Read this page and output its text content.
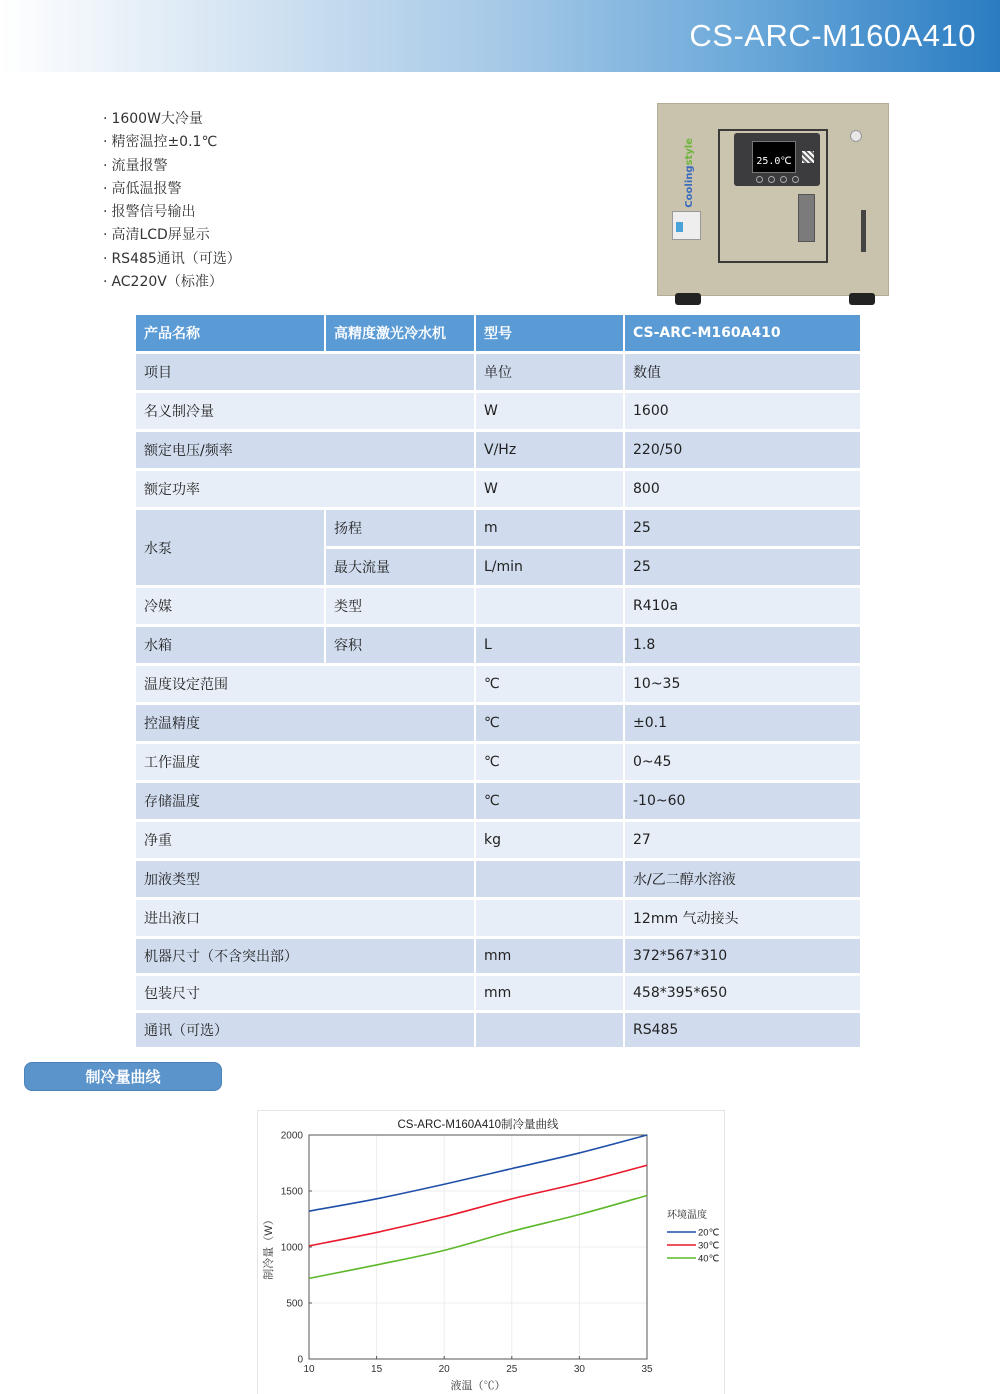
CS-ARC-M160A410
· 1600W大冷量
· 精密温控±0.1℃
· 流量报警
· 高低温报警
· 报警信号输出
· 高清LCD屏显示
· RS485通讯（可选）
· AC220V（标准）
Coolingstyle	25.0℃
产品名称	高精度激光冷水机	型号	CS-ARC-M160A410
项目		单位	数值
名义制冷量		W	1600
额定电压/频率		V/Hz	220/50
额定功率		W	800
水泵	扬程	m	25
	最大流量	L/min	25
冷媒	类型		R410a
水箱	容积	L	1.8
温度设定范围		℃	10~35
控温精度		℃	±0.1
工作温度		℃	0~45
存储温度		℃	-10~60
净重		kg	27
加液类型			水/乙二醇水溶液
进出液口			12mm 气动接头
机器尺寸（不含突出部）		mm	372*567*310
包装尺寸		mm	458*395*650
通讯（可选）			RS485
制冷量曲线
10	15	20	25	30	35
0
500
1000
1500
2000
CS-ARC-M160A410制冷量曲线
液温（℃）
制冷量（W）	环境温度
20℃
30℃
40℃
